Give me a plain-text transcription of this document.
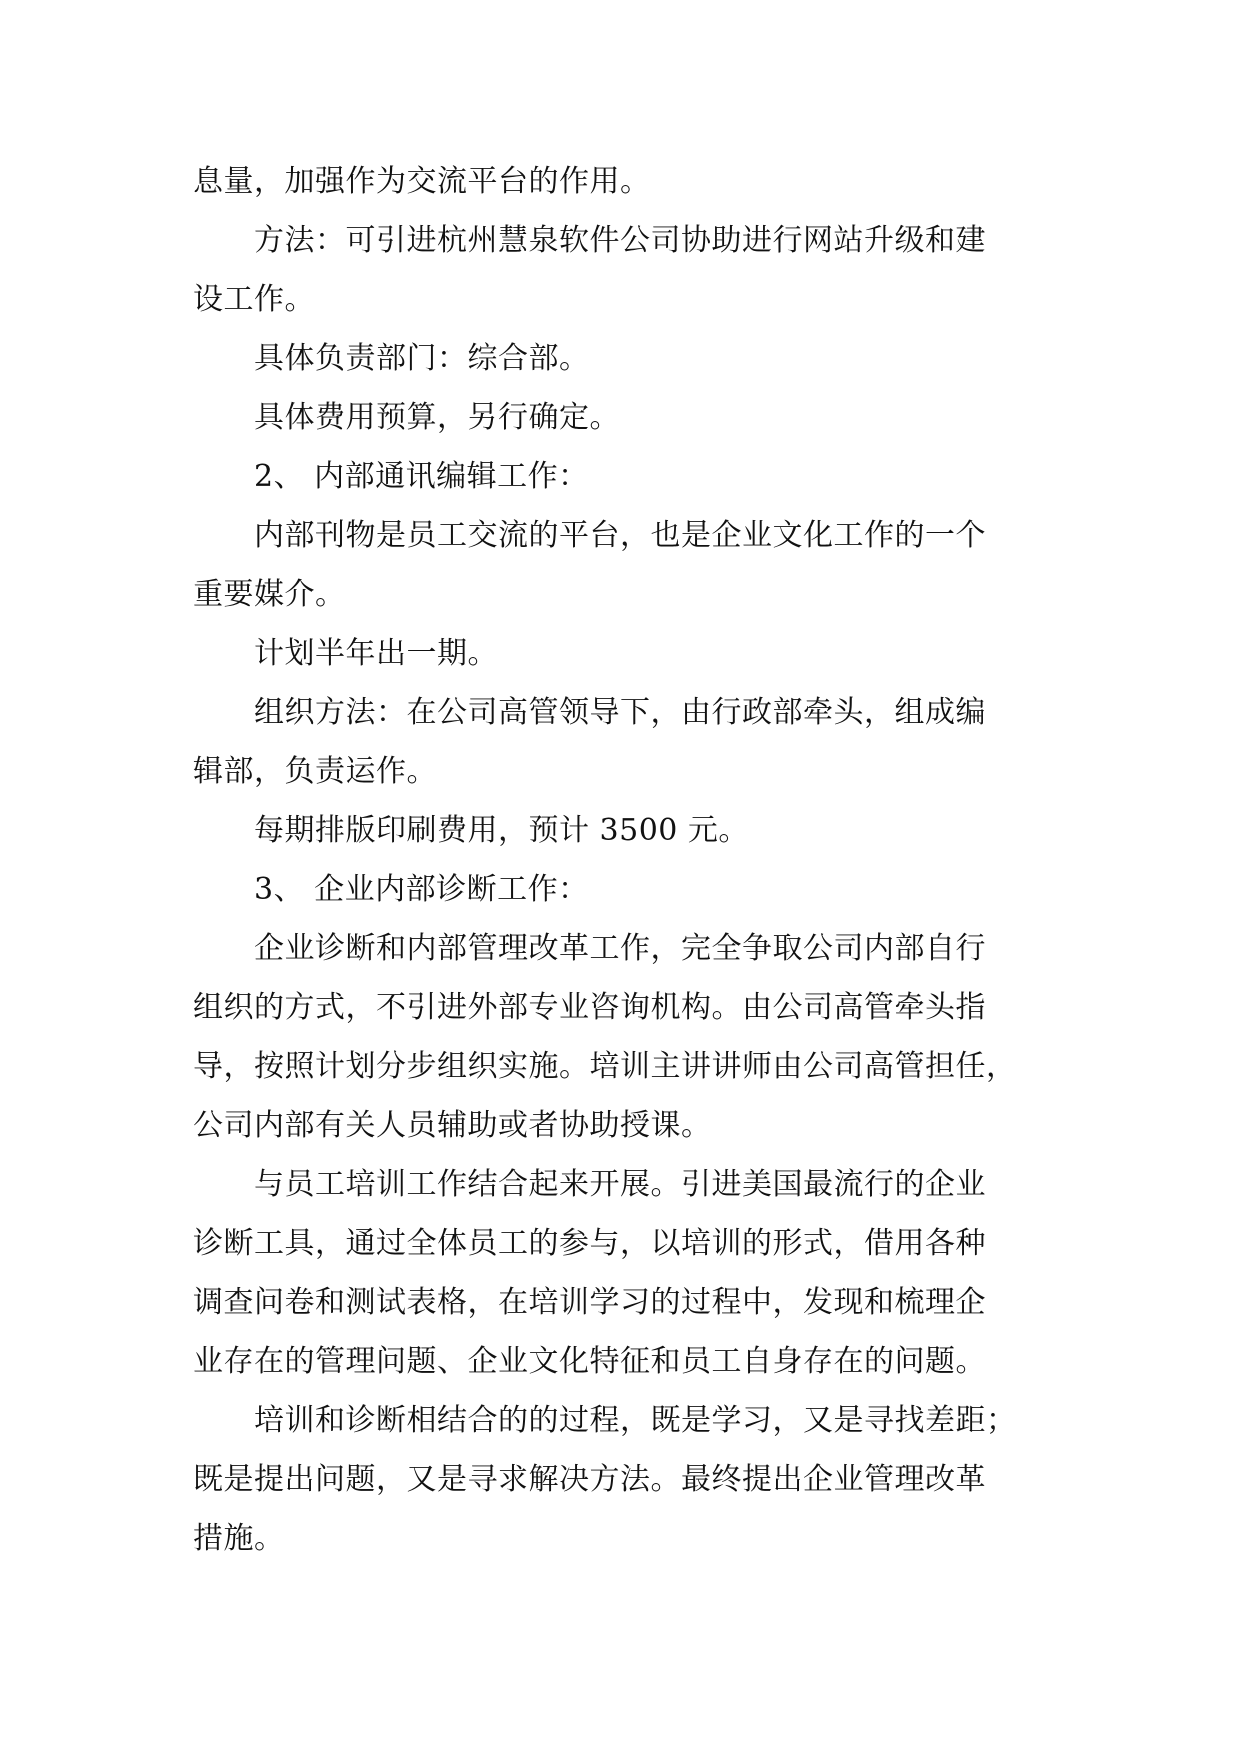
息量，加强作为交流平台的作用。
方法：可引进杭州慧泉软件公司协助进行网站升级和建
设工作。
具体负责部门：综合部。
具体费用预算，另行确定。
2、 内部通讯编辑工作：
内部刊物是员工交流的平台，也是企业文化工作的一个
重要媒介。
计划半年出一期。
组织方法：在公司高管领导下，由行政部牵头，组成编
辑部，负责运作。
每期排版印刷费用，预计 3500 元。
3、 企业内部诊断工作：
企业诊断和内部管理改革工作，完全争取公司内部自行
组织的方式，不引进外部专业咨询机构。由公司高管牵头指
导，按照计划分步组织实施。培训主讲讲师由公司高管担任，
公司内部有关人员辅助或者协助授课。
与员工培训工作结合起来开展。引进美国最流行的企业
诊断工具，通过全体员工的参与，以培训的形式，借用各种
调查问卷和测试表格，在培训学习的过程中，发现和梳理企
业存在的管理问题、企业文化特征和员工自身存在的问题。
培训和诊断相结合的的过程，既是学习，又是寻找差距；
既是提出问题，又是寻求解决方法。最终提出企业管理改革
措施。
